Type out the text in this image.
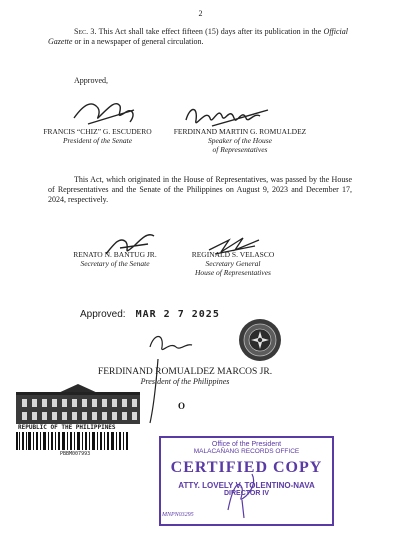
2
Sec. 3. This Act shall take effect fifteen (15) days after its publication in the Official Gazette or in a newspaper of general circulation.
Approved,
FRANCIS “CHIZ” G. ESCUDERO
President of the Senate
FERDINAND MARTIN G. ROMUALDEZ
Speaker of the House
of Representatives
This Act, which originated in the House of Representatives, was passed by the House of Representatives and the Senate of the Philippines on August 9, 2023 and December 17, 2024, respectively.
RENATO N. BANTUG JR.
Secretary of the Senate
REGINALD S. VELASCO
Secretary General
House of Representatives
Approved: MAR 2 7 2025
FERDINAND ROMUALDEZ MARCOS JR.
President of the Philippines
O
REPUBLIC OF THE PHILIPPINES
PBBM007993
Office of the President
MALACAÑANG RECORDS OFFICE
CERTIFIED COPY
ATTY. LOVELY V. TOLENTINO-NAVA
DIRECTOR IV
MNPN03295
